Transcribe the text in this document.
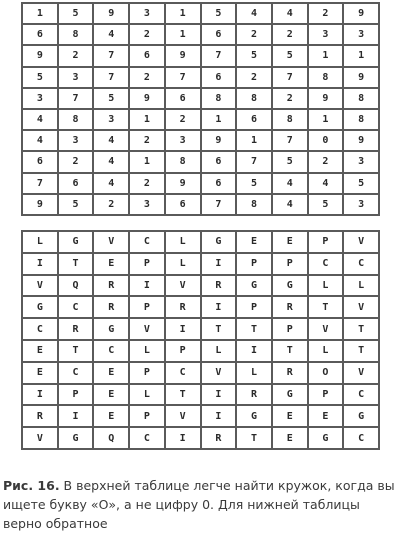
1	5	9	3	1	5	4	4	2	9
6	8	4	2	1	6	2	2	3	3
9	2	7	6	9	7	5	5	1	1
5	3	7	2	7	6	2	7	8	9
3	7	5	9	6	8	8	2	9	8
4	8	3	1	2	1	6	8	1	8
4	3	4	2	3	9	1	7	0	9
6	2	4	1	8	6	7	5	2	3
7	6	4	2	9	6	5	4	4	5
9	5	2	3	6	7	8	4	5	3
L	G	V	C	L	G	E	E	P	V
I	T	E	P	L	I	P	P	C	C
V	Q	R	I	V	R	G	G	L	L
G	C	R	P	R	I	P	R	T	V
C	R	G	V	I	T	T	P	V	T
E	T	C	L	P	L	I	T	L	T
E	C	E	P	C	V	L	R	O	V
I	P	E	L	T	I	R	G	P	C
R	I	E	P	V	I	G	E	E	G
V	G	Q	C	I	R	T	E	G	C

Рис. 16. В верхней таблице легче найти кружок, когда вы ищете букву «O», а не цифру 0. Для нижней таблицы верно обратное
